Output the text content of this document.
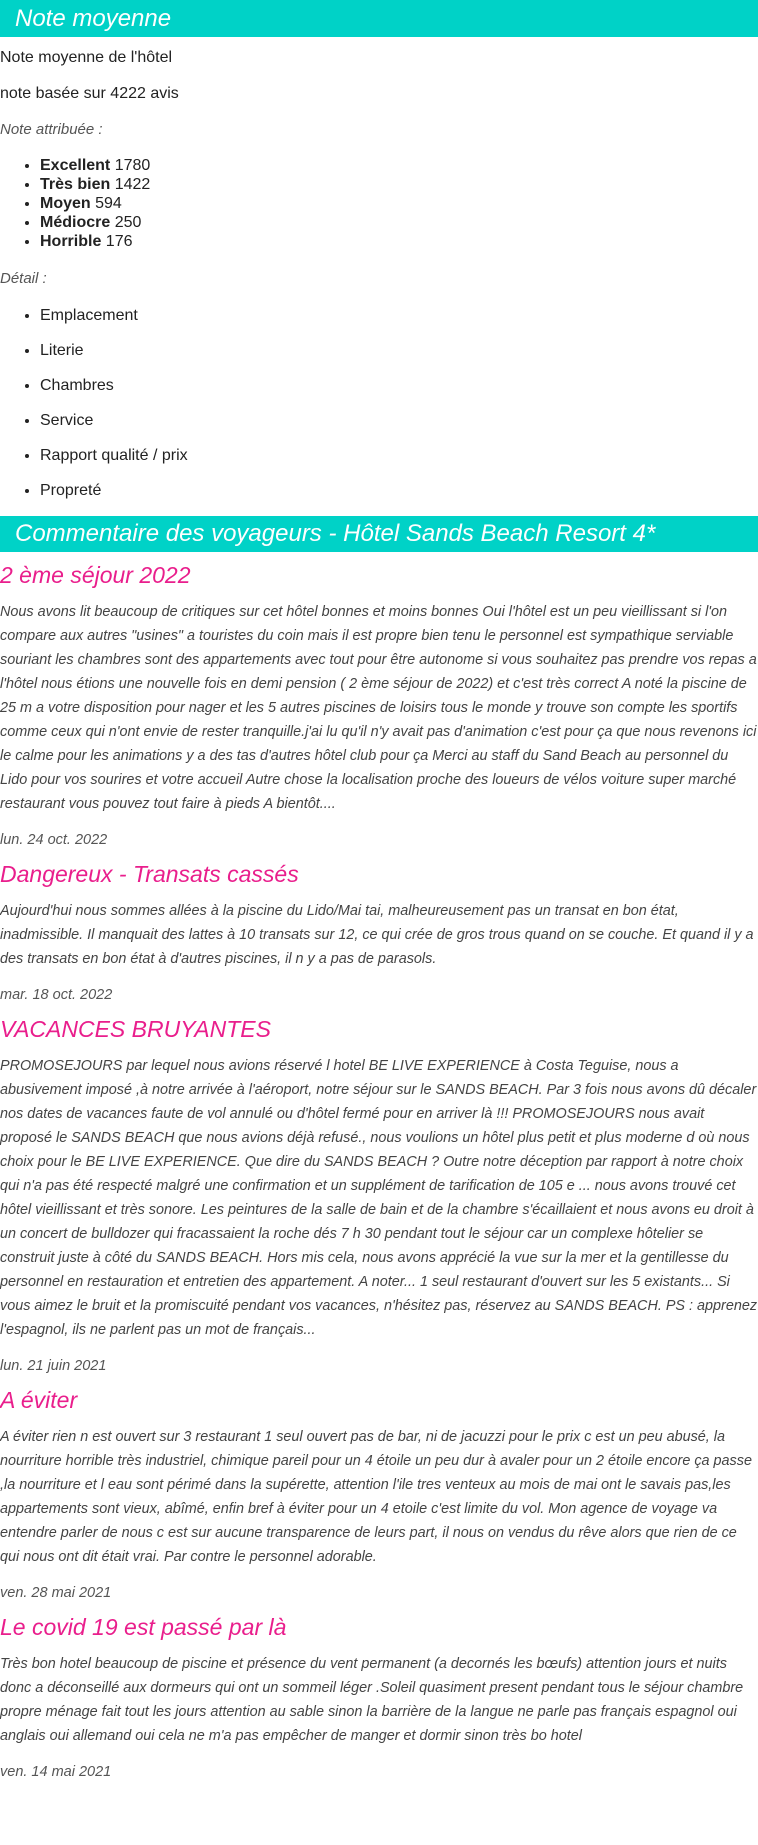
Note moyenne

Note moyenne de l'hôtel

note basée sur 4222 avis

Note attribuée :

• Excellent 1780
• Très bien 1422
• Moyen 594
• Médiocre 250
• Horrible 176

Détail :

• Emplacement
• Literie
• Chambres
• Service
• Rapport qualité / prix
• Propreté
Commentaire des voyageurs - Hôtel Sands Beach Resort 4*
2 ème séjour 2022

Nous avons lit beaucoup de critiques sur cet hôtel bonnes et moins bonnes Oui l'hôtel est un peu vieillissant si l'on compare aux autres "usines" a touristes du coin mais il est propre bien tenu le personnel est sympathique serviable souriant les chambres sont des appartements avec tout pour être autonome si vous souhaitez pas prendre vos repas a l'hôtel nous étions une nouvelle fois en demi pension ( 2 ème séjour de 2022) et c'est très correct A noté la piscine de 25 m a votre disposition pour nager et les 5 autres piscines de loisirs tous le monde y trouve son compte les sportifs comme ceux qui n'ont envie de rester tranquille.j'ai lu qu'il n'y avait pas d'animation c'est pour ça que nous revenons ici le calme pour les animations y a des tas d'autres hôtel club pour ça Merci au staff du Sand Beach au personnel du Lido pour vos sourires et votre accueil Autre chose la localisation proche des loueurs de vélos voiture super marché restaurant vous pouvez tout faire à pieds A bientôt....

lun. 24 oct. 2022

Dangereux - Transats cassés

Aujourd'hui nous sommes allées à la piscine du Lido/Mai tai, malheureusement pas un transat en bon état, inadmissible. Il manquait des lattes à 10 transats sur 12, ce qui crée de gros trous quand on se couche. Et quand il y a des transats en bon état à d'autres piscines, il n y a pas de parasols.

mar. 18 oct. 2022

VACANCES BRUYANTES

PROMOSEJOURS par lequel nous avions réservé l hotel BE LIVE EXPERIENCE à Costa Teguise, nous a abusivement imposé ,à notre arrivée à l'aéroport, notre séjour sur le SANDS BEACH. Par 3 fois nous avons dû décaler nos dates de vacances faute de vol annulé ou d'hôtel fermé pour en arriver là !!! PROMOSEJOURS nous avait proposé le SANDS BEACH que nous avions déjà refusé., nous voulions un hôtel plus petit et plus moderne d où nous choix pour le BE LIVE EXPERIENCE. Que dire du SANDS BEACH ? Outre notre déception par rapport à notre choix qui n'a pas été respecté malgré une confirmation et un supplément de tarification de 105 e ... nous avons trouvé cet hôtel vieillissant et très sonore. Les peintures de la salle de bain et de la chambre s'écaillaient et nous avons eu droit à un concert de bulldozer qui fracassaient la roche dés 7 h 30 pendant tout le séjour car un complexe hôtelier se construit juste à côté du SANDS BEACH. Hors mis cela, nous avons apprécié la vue sur la mer et la gentillesse du personnel en restauration et entretien des appartement. A noter... 1 seul restaurant d'ouvert sur les 5 existants... Si vous aimez le bruit et la promiscuité pendant vos vacances, n'hésitez pas, réservez au SANDS BEACH. PS : apprenez l'espagnol, ils ne parlent pas un mot de français...

lun. 21 juin 2021

A éviter

A éviter rien n est ouvert sur 3 restaurant 1 seul ouvert pas de bar, ni de jacuzzi pour le prix c est un peu abusé, la nourriture horrible très industriel, chimique pareil pour un 4 étoile un peu dur à avaler pour un 2 étoile encore ça passe ,la nourriture et l eau sont périmé dans la supérette, attention l'ile tres venteux au mois de mai ont le savais pas,les appartements sont vieux, abîmé, enfin bref à éviter pour un 4 etoile c'est limite du vol. Mon agence de voyage va entendre parler de nous c est sur aucune transparence de leurs part, il nous on vendus du rêve alors que rien de ce qui nous ont dit était vrai. Par contre le personnel adorable.

ven. 28 mai 2021

Le covid 19 est passé par là

Très bon hotel beaucoup de piscine et présence du vent permanent (a decornés les bœufs) attention jours et nuits donc a déconseillé aux dormeurs qui ont un sommeil léger .Soleil quasiment present pendant tous le séjour chambre propre ménage fait tout les jours attention au sable sinon la barrière de la langue ne parle pas français espagnol oui anglais oui allemand oui cela ne m'a pas empêcher de manger et dormir sinon très bo hotel

ven. 14 mai 2021
